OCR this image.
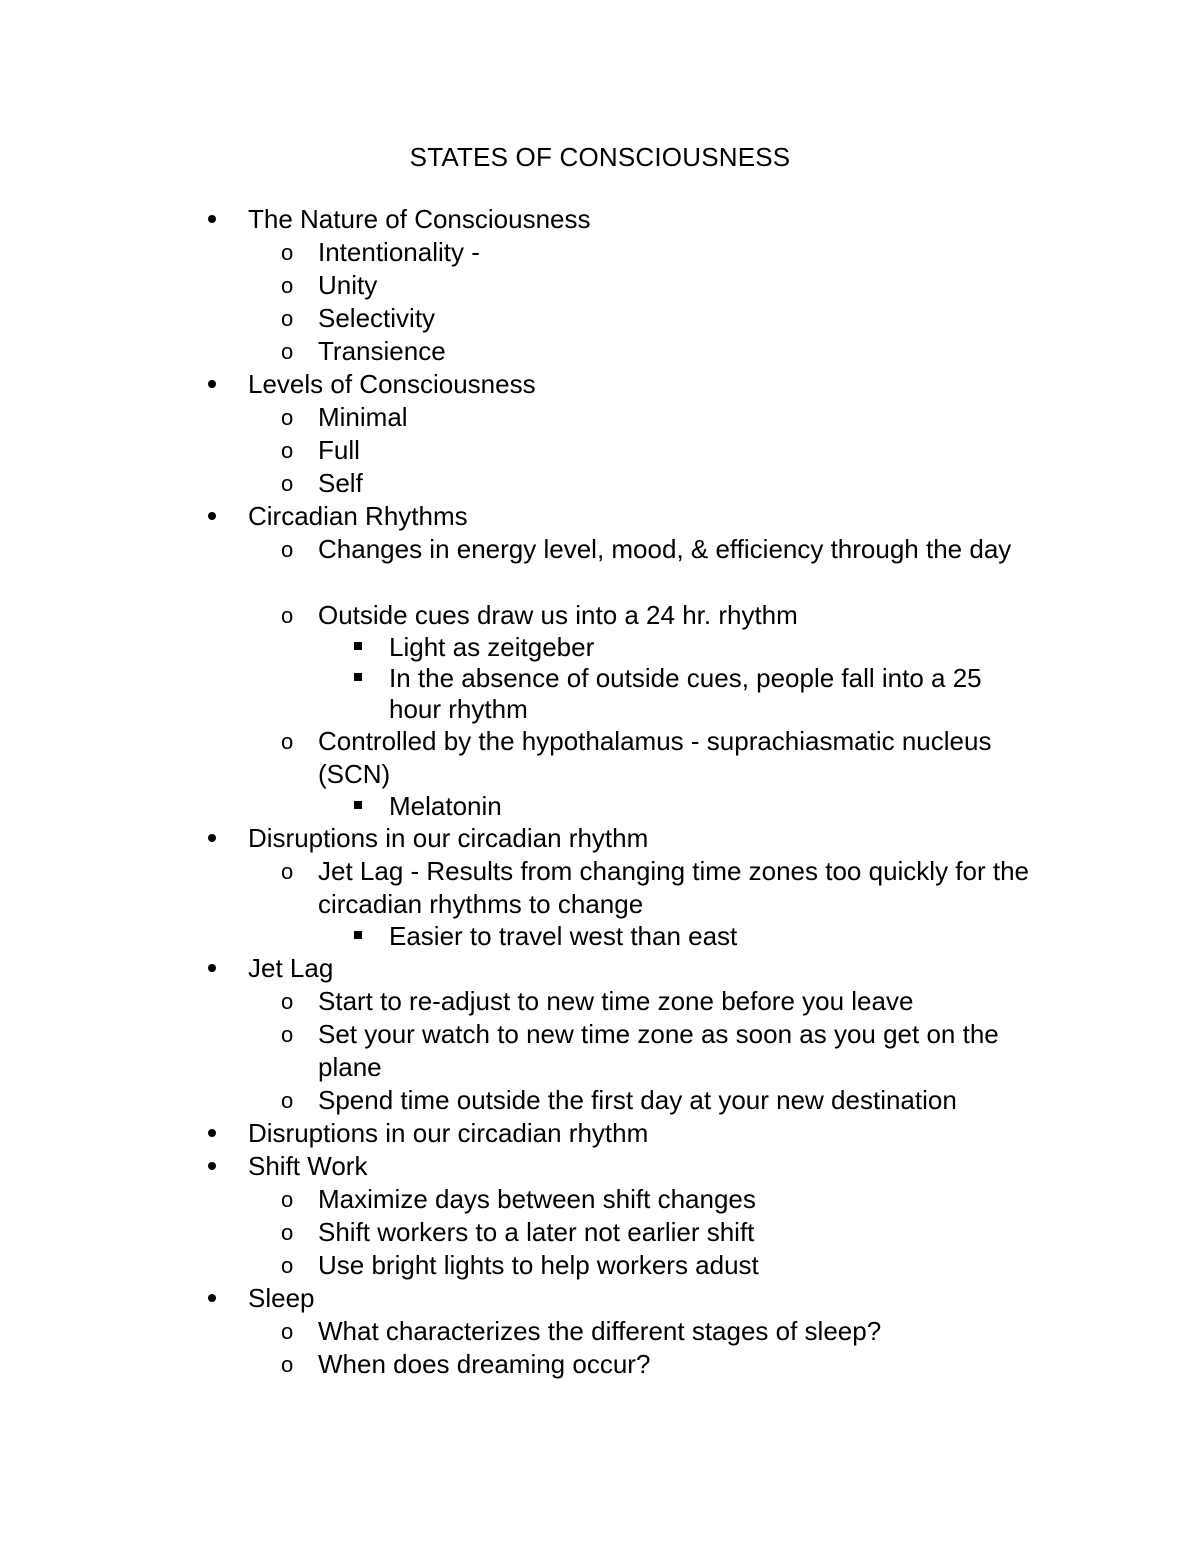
STATES OF CONSCIOUSNESS
The Nature of Consciousness
o Intentionality -
o Unity
o Selectivity
o Transience
Levels of Consciousness
o Minimal
o Full
o Self
Circadian Rhythms
o Changes in energy level, mood, & efficiency through the day
o Outside cues draw us into a 24 hr. rhythm
Light as zeitgeber
In the absence of outside cues, people fall into a 25 hour rhythm
o Controlled by the hypothalamus - suprachiasmatic nucleus (SCN)
Melatonin
Disruptions in our circadian rhythm
o Jet Lag - Results from changing time zones too quickly for the circadian rhythms to change
Easier to travel west than east
Jet Lag
o Start to re-adjust to new time zone before you leave
o Set your watch to new time zone as soon as you get on the plane
o Spend time outside the first day at your new destination
Disruptions in our circadian rhythm
Shift Work
o Maximize days between shift changes
o Shift workers to a later not earlier shift
o Use bright lights to help workers adust
Sleep
o What characterizes the different stages of sleep?
o When does dreaming occur?
